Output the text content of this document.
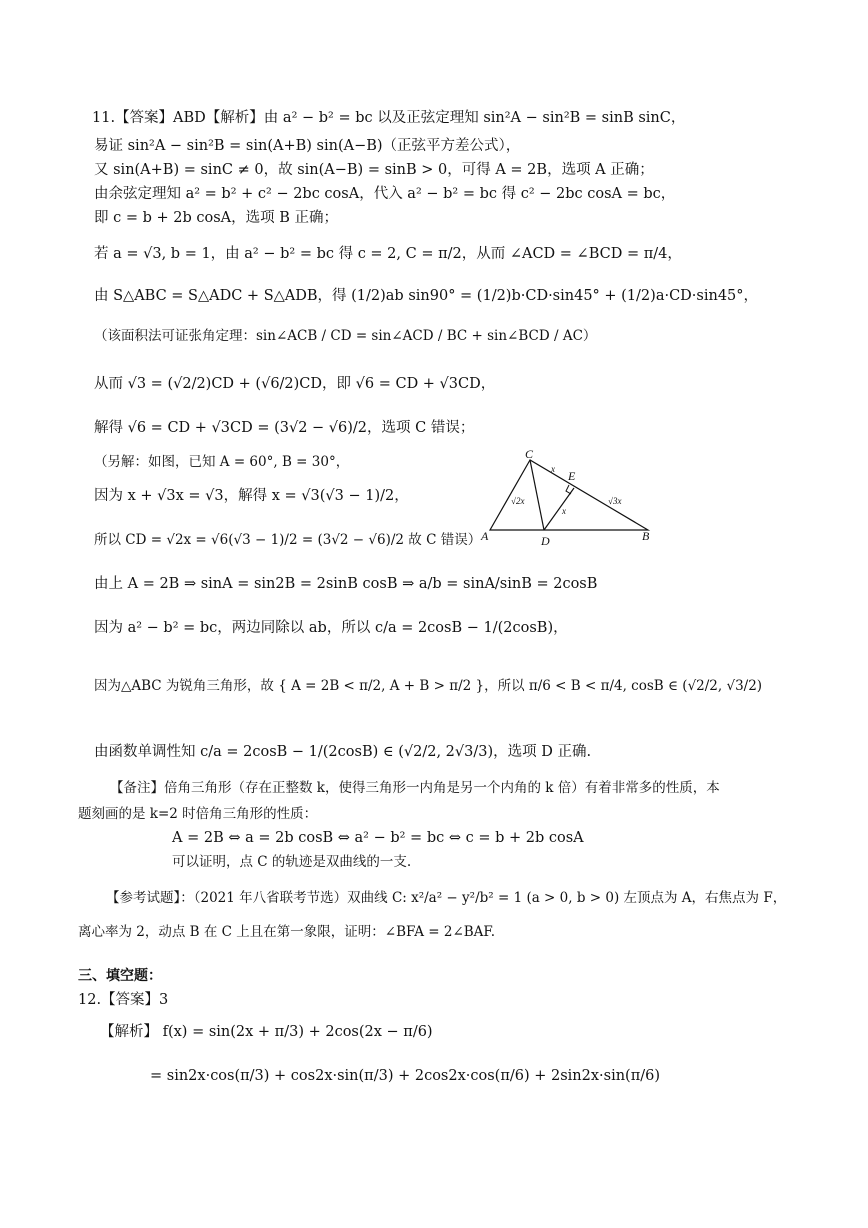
11.【答案】ABD【解析】由 a² − b² = bc 以及正弦定理知 sin²A − sin²B = sinB sinC，
易证 sin²A − sin²B = sin(A+B) sin(A−B)（正弦平方差公式），
又 sin(A+B) = sinC ≠ 0，故 sin(A−B) = sinB > 0，可得 A = 2B，选项 A 正确；
由余弦定理知 a² = b² + c² − 2bc cosA，代入 a² − b² = bc 得 c² − 2bc cosA = bc，
即 c = b + 2b cosA，选项 B 正确；
若 a = √3, b = 1，由 a² − b² = bc 得 c = 2, C = π/2，从而 ∠ACD = ∠BCD = π/4，
由 S△ABC = S△ADC + S△ADB，得 (1/2)ab sin90° = (1/2)b·CD·sin45° + (1/2)a·CD·sin45°，
（该面积法可证张角定理：sin∠ACB / CD = sin∠ACD / BC + sin∠BCD / AC）
从而 √3 = (√2/2)CD + (√6/2)CD，即 √6 = CD + √3CD，
解得 √6 = CD + √3CD = (3√2 − √6)/2，选项 C 错误；
（另解：如图，已知 A = 60°, B = 30°，
因为 x + √3x = √3，解得 x = √3(√3 − 1)/2，
所以 CD = √2x = √6(√3 − 1)/2 = (3√2 − √6)/2 故 C 错误）
由上 A = 2B ⇒ sinA = sin2B = 2sinB cosB ⇒ a/b = sinA/sinB = 2cosB
因为 a² − b² = bc，两边同除以 ab，所以 c/a = 2cosB − 1/(2cosB)，
因为△ABC 为锐角三角形，故 { A = 2B < π/2, A + B > π/2 }，所以 π/6 < B < π/4, cosB ∈ (√2/2, √3/2)
由函数单调性知 c/a = 2cosB − 1/(2cosB) ∈ (√2/2, 2√3/3)，选项 D 正确.
【备注】倍角三角形（存在正整数 k，使得三角形一内角是另一个内角的 k 倍）有着非常多的性质，本
题刻画的是 k=2 时倍角三角形的性质：
A = 2B ⇔ a = 2b cosB ⇔ a² − b² = bc ⇔ c = b + 2b cosA
可以证明，点 C 的轨迹是双曲线的一支.
【参考试题】：（2021 年八省联考节选）双曲线 C: x²/a² − y²/b² = 1 (a > 0, b > 0) 左顶点为 A，右焦点为 F，
离心率为 2，动点 B 在 C 上且在第一象限，证明：∠BFA = 2∠BAF.
三、填空题：
12.【答案】3
【解析】 f(x) = sin(2x + π/3) + 2cos(2x − π/6)
= sin2x·cos(π/3) + cos2x·sin(π/3) + 2cos2x·cos(π/6) + 2sin2x·sin(π/6)
C
E
A	D	B
x
√2x
x
√3x
